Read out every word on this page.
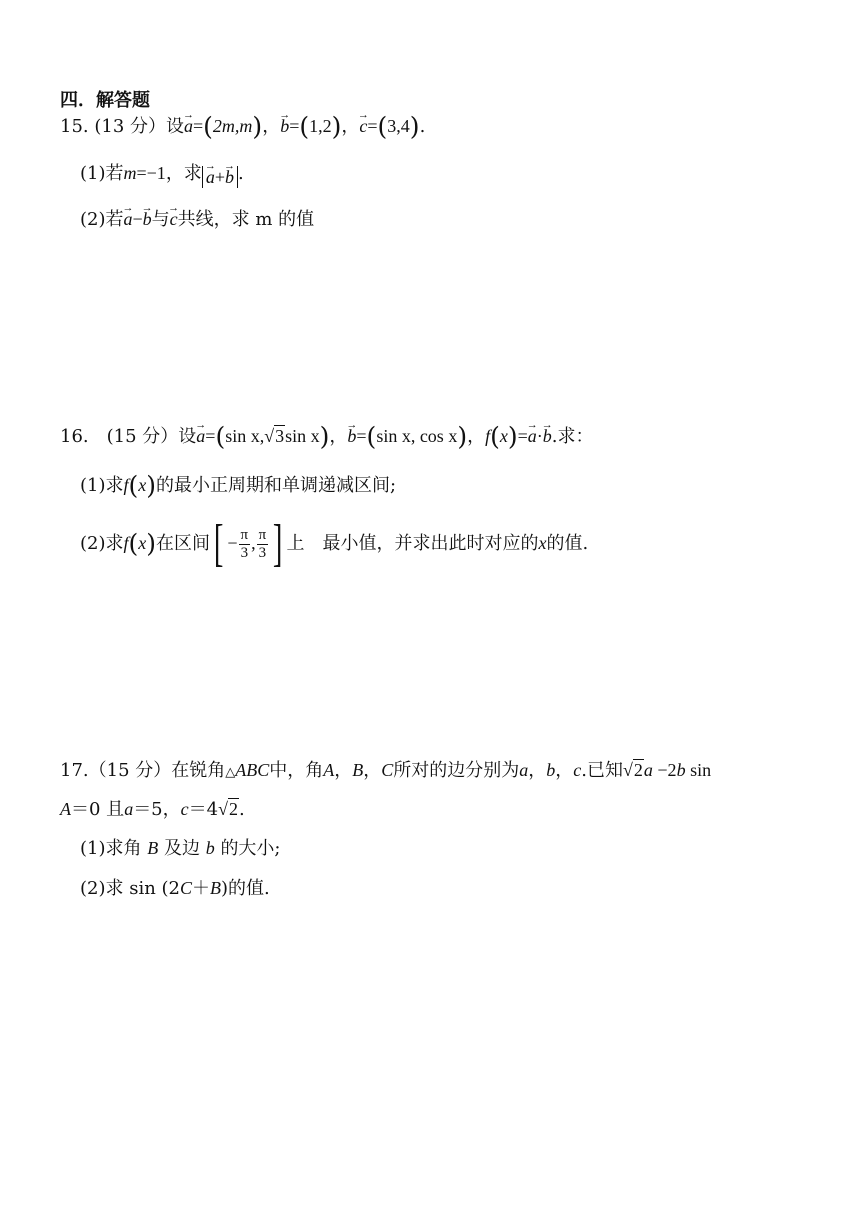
四．解答题
15. (13 分）设→ a=(2m,m)，→ b=(1,2)，→ c=(3,4).
(1)若m=−1，求→ a+→ b .
(2)若→ a−→ b与→ c共线，求 m 的值
16.　(15 分）设→ a=(sin x,√3sin x)，→ b=(sin x, cos x)，f(x)=→ a·→ b.求：
(1)求f(x)的最小正周期和单调递减区间;
(2)求f(x)在区间[ − $\frac{\pi}{3}$ , $\frac{\pi}{3}$ ] 上　最小值，并求出此时对应的x的值.
17.（15 分）在锐角△ABC中，角A，B，C所对的边分别为a，b，c.已知√2a −2b sin
A＝0 且a＝5，c＝4√2.
(1)求角 B 及边 b 的大小;
(2)求 sin (2C＋B)的值.
